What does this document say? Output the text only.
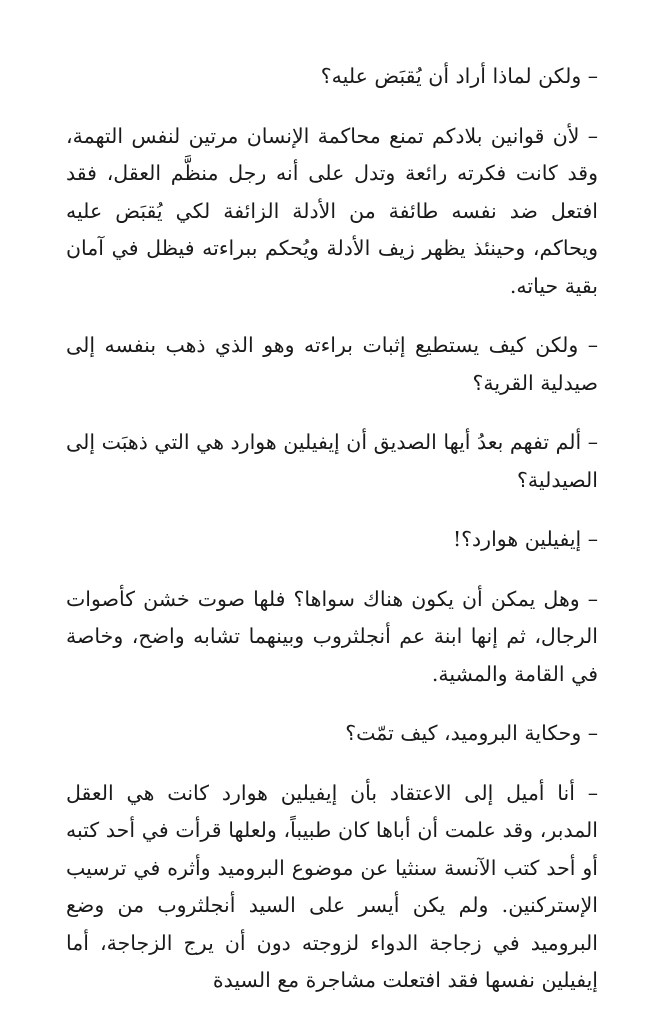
– ولكن لماذا أراد أن يُقبَض عليه؟

– لأن قوانين بلادكم تمنع محاكمة الإنسان مرتين لنفس التهمة، وقد كانت فكرته رائعة وتدل على أنه رجل منظَّم العقل، فقد افتعل ضد نفسه طائفة من الأدلة الزائفة لكي يُقبَض عليه ويحاكم، وحينئذ يظهر زيف الأدلة ويُحكم ببراءته فيظل في آمان بقية حياته.

– ولكن كيف يستطيع إثبات براءته وهو الذي ذهب بنفسه إلى صيدلية القرية؟

– ألم تفهم بعدُ أيها الصديق أن إيفيلين هوارد هي التي ذهبَت إلى الصيدلية؟

– إيفيلين هوارد؟!

– وهل يمكن أن يكون هناك سواها؟ فلها صوت خشن كأصوات الرجال، ثم إنها ابنة عم أنجلثروب وبينهما تشابه واضح، وخاصة في القامة والمشية.

– وحكاية البروميد، كيف تمّت؟

– أنا أميل إلى الاعتقاد بأن إيفيلين هوارد كانت هي العقل المدبر، وقد علمت أن أباها كان طبيباً، ولعلها قرأت في أحد كتبه أو أحد كتب الآنسة سنثيا عن موضوع البروميد وأثره في ترسيب الإستركنين. ولم يكن أيسر على السيد أنجلثروب من وضع البروميد في زجاجة الدواء لزوجته دون أن يرج الزجاجة، أما إيفيلين نفسها فقد افتعلت مشاجرة مع السيدة
